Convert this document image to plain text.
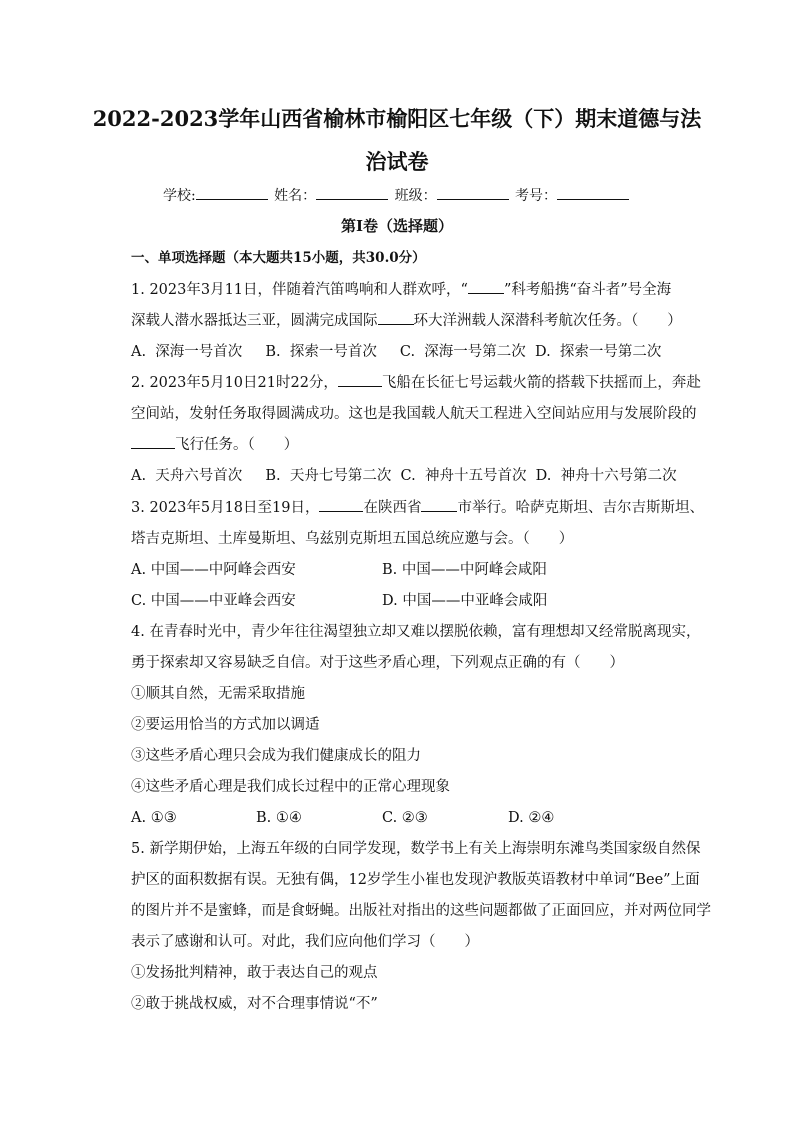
2022-2023学年山西省榆林市榆阳区七年级（下）期末道德与法
治试卷
学校:	姓名：	班级：	考号：
第I卷（选择题）
一、单项选择题（本大题共15小题，共30.0分）
1. 2023年3月11日，伴随着汽笛鸣响和人群欢呼，“ ”科考船携“奋斗者”号全海
深载人潜水器抵达三亚，圆满完成国际 环大洋洲载人深潜科考航次任务。（　　）
A.  深海一号首次     B.  探索一号首次     C.  深海一号第二次  D.  探索一号第二次
2. 2023年5月10日21时22分，	飞船在长征七号运载火箭的搭载下扶摇而上，奔赴
空间站，发射任务取得圆满成功。这也是我国载人航天工程进入空间站应用与发展阶段的
飞行任务。（　　）
A.  天舟六号首次     B.  天舟七号第二次  C.  神舟十五号首次  D.  神舟十六号第二次
3. 2023年5月18日至19日，	在陕西省 市举行。哈萨克斯坦、吉尔吉斯斯坦、
塔吉克斯坦、土库曼斯坦、乌兹别克斯坦五国总统应邀与会。（　　）
A. 中国——中阿峰会西安	B. 中国——中阿峰会咸阳
C. 中国——中亚峰会西安	D. 中国——中亚峰会咸阳
4. 在青春时光中，青少年往往渴望独立却又难以摆脱依赖，富有理想却又经常脱离现实，
勇于探索却又容易缺乏自信。对于这些矛盾心理，下列观点正确的有（　　）
①顺其自然，无需采取措施
②要运用恰当的方式加以调适
③这些矛盾心理只会成为我们健康成长的阻力
④这些矛盾心理是我们成长过程中的正常心理现象
A. ①③	B. ①④	C. ②③	D. ②④
5. 新学期伊始，上海五年级的白同学发现，数学书上有关上海崇明东滩鸟类国家级自然保
护区的面积数据有误。无独有偶，12岁学生小崔也发现沪教版英语教材中单词“Bee”上面
的图片并不是蜜蜂，而是食蚜蝇。出版社对指出的这些问题都做了正面回应，并对两位同学
表示了感谢和认可。对此，我们应向他们学习（　　）
①发扬批判精神，敢于表达自己的观点
②敢于挑战权威，对不合理事情说“不”
